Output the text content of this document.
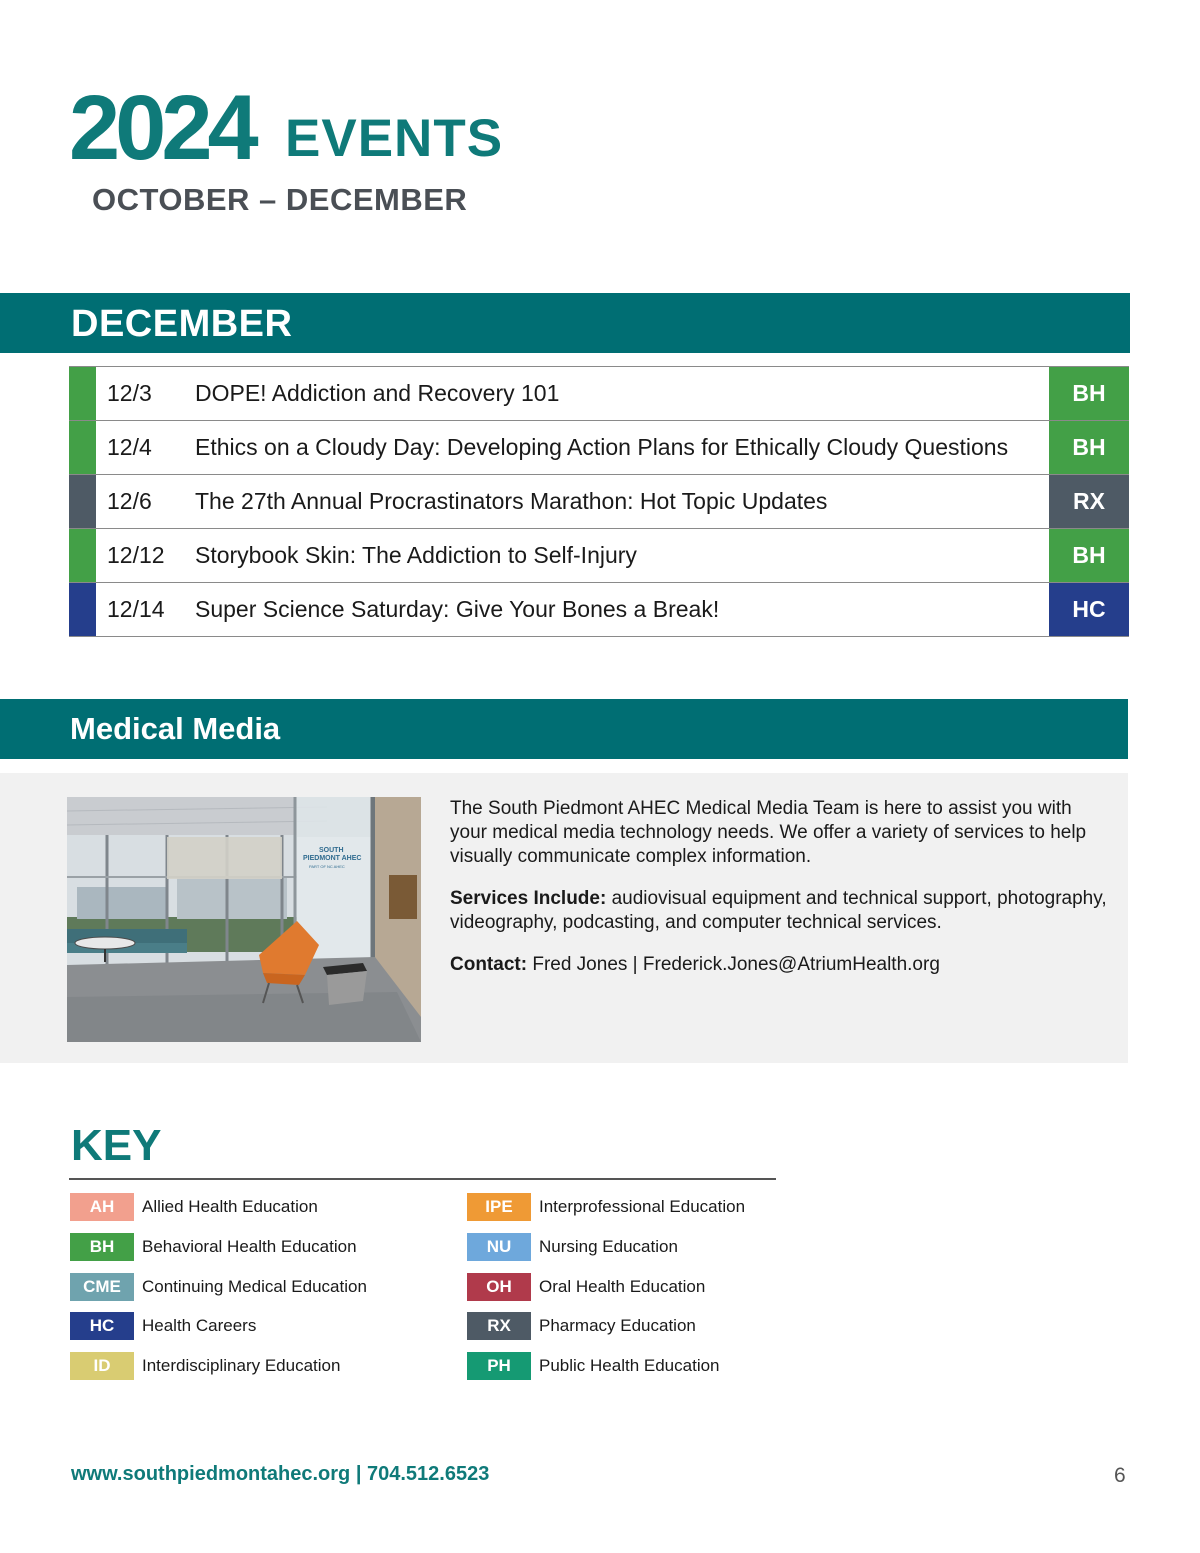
2024 EVENTS
OCTOBER – DECEMBER
DECEMBER
12/3 DOPE! Addiction and Recovery 101	BH
12/4 Ethics on a Cloudy Day: Developing Action Plans for Ethically Cloudy Questions	BH
12/6 The 27th Annual Procrastinators Marathon: Hot Topic Updates	RX
12/12 Storybook Skin: The Addiction to Self-Injury	BH
12/14 Super Science Saturday: Give Your Bones a Break!	HC
Medical Media
SOUTH
PIEDMONT AHEC
PART OF NC AHEC

The South Piedmont AHEC Medical Media Team is here to assist you with your medical media technology needs. We offer a variety of services to help visually communicate complex information.

Services Include: audiovisual equipment and technical support, photography, videography, podcasting, and computer technical services.

Contact: Fred Jones | Frederick.Jones@AtriumHealth.org

KEY
AH	Allied Health Education
BH	Behavioral Health Education
CME	Continuing Medical Education
HC	Health Careers
ID	Interdisciplinary Education
IPE	Interprofessional Education
NU	Nursing Education
OH	Oral Health Education
RX	Pharmacy Education
PH	Public Health Education
www.southpiedmontahec.org | 704.512.6523	6
